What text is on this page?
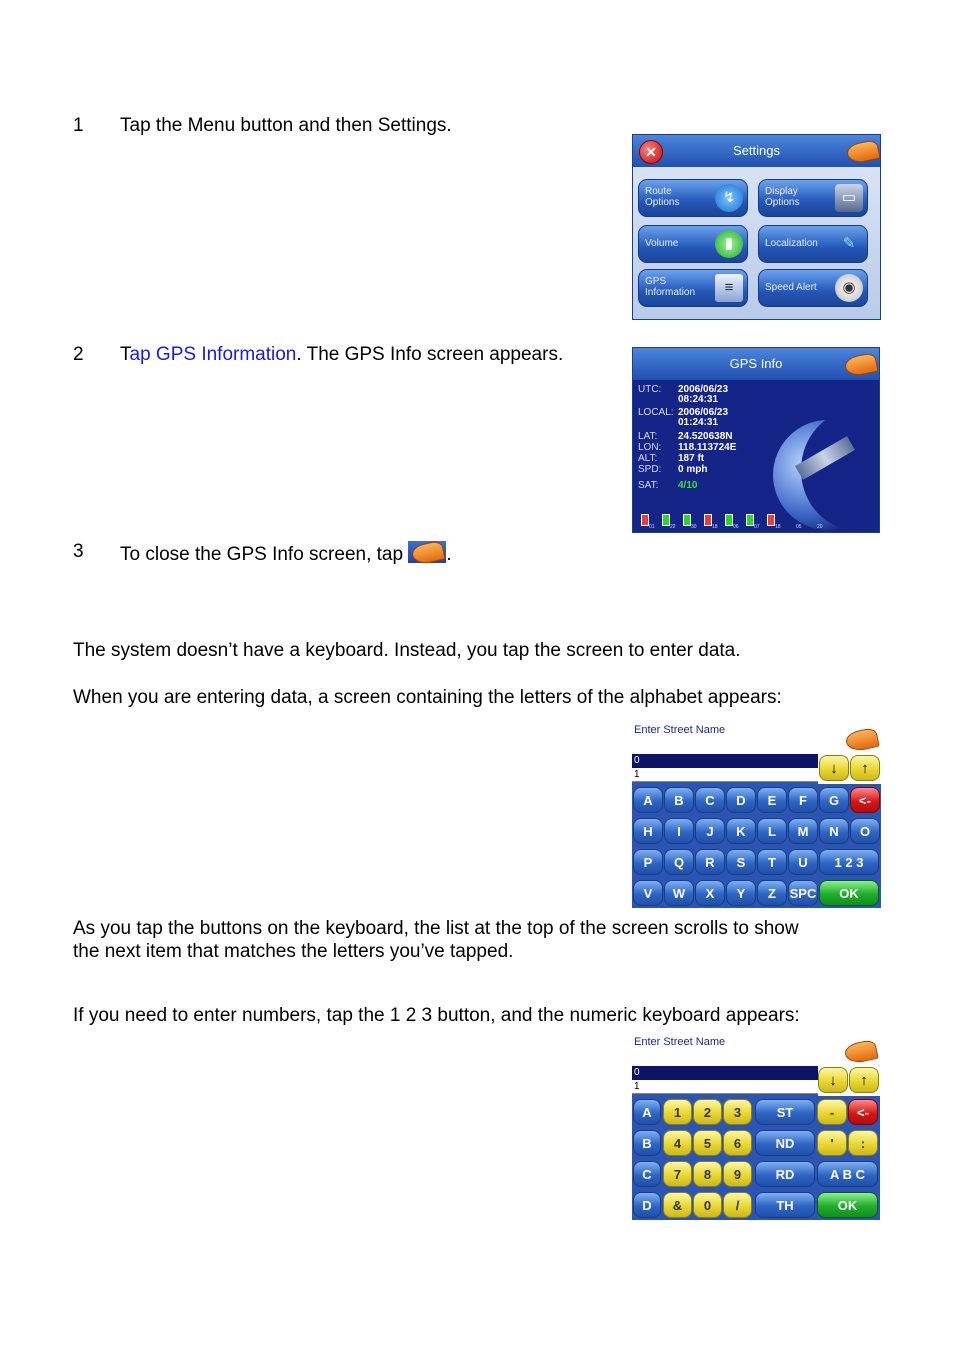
1 Tap the Menu button and then Settings.
2 Tap GPS Information. The GPS Info screen appears.
3 To close the GPS Info screen, tap
.
The system doesn’t have a keyboard. Instead, you tap the screen to enter data.
When you are entering data, a screen containing the letters of the alphabet appears:
As you tap the buttons on the keyboard, the list at the top of the screen scrolls to show
the next item that matches the letters you’ve tapped.
If you need to enter numbers, tap the 1 2 3 button, and the numeric keyboard appears:
Settings
✕
Route
Options	↯	Display
Options	▭
Volume	▮	Localization	✎
GPS
Information	≡	Speed Alert	◉
GPS Info
UTC: 2006/06/23
08:24:31
LOCAL: 2006/06/23
01:24:31
LAT: 24.520638N
LON: 118.113724E
ALT: 187 ft
SPD: 0 mph
SAT: 4/10
01	22	30	18	06	07	18	05	20
Enter Street Name
0
1	↓	↑
A	B	C	D	E	F	G	<-
H	I	J	K	L	M	N	O
P	Q	R	S	T	U	1 2 3
V	W	X	Y	Z	SPC	OK
Enter Street Name
0
1	↓	↑
A	1	2	3	ST	-	<-
B	4	5	6	ND	'	:
C	7	8	9	RD	A B C
D	&	0	/	TH	OK
